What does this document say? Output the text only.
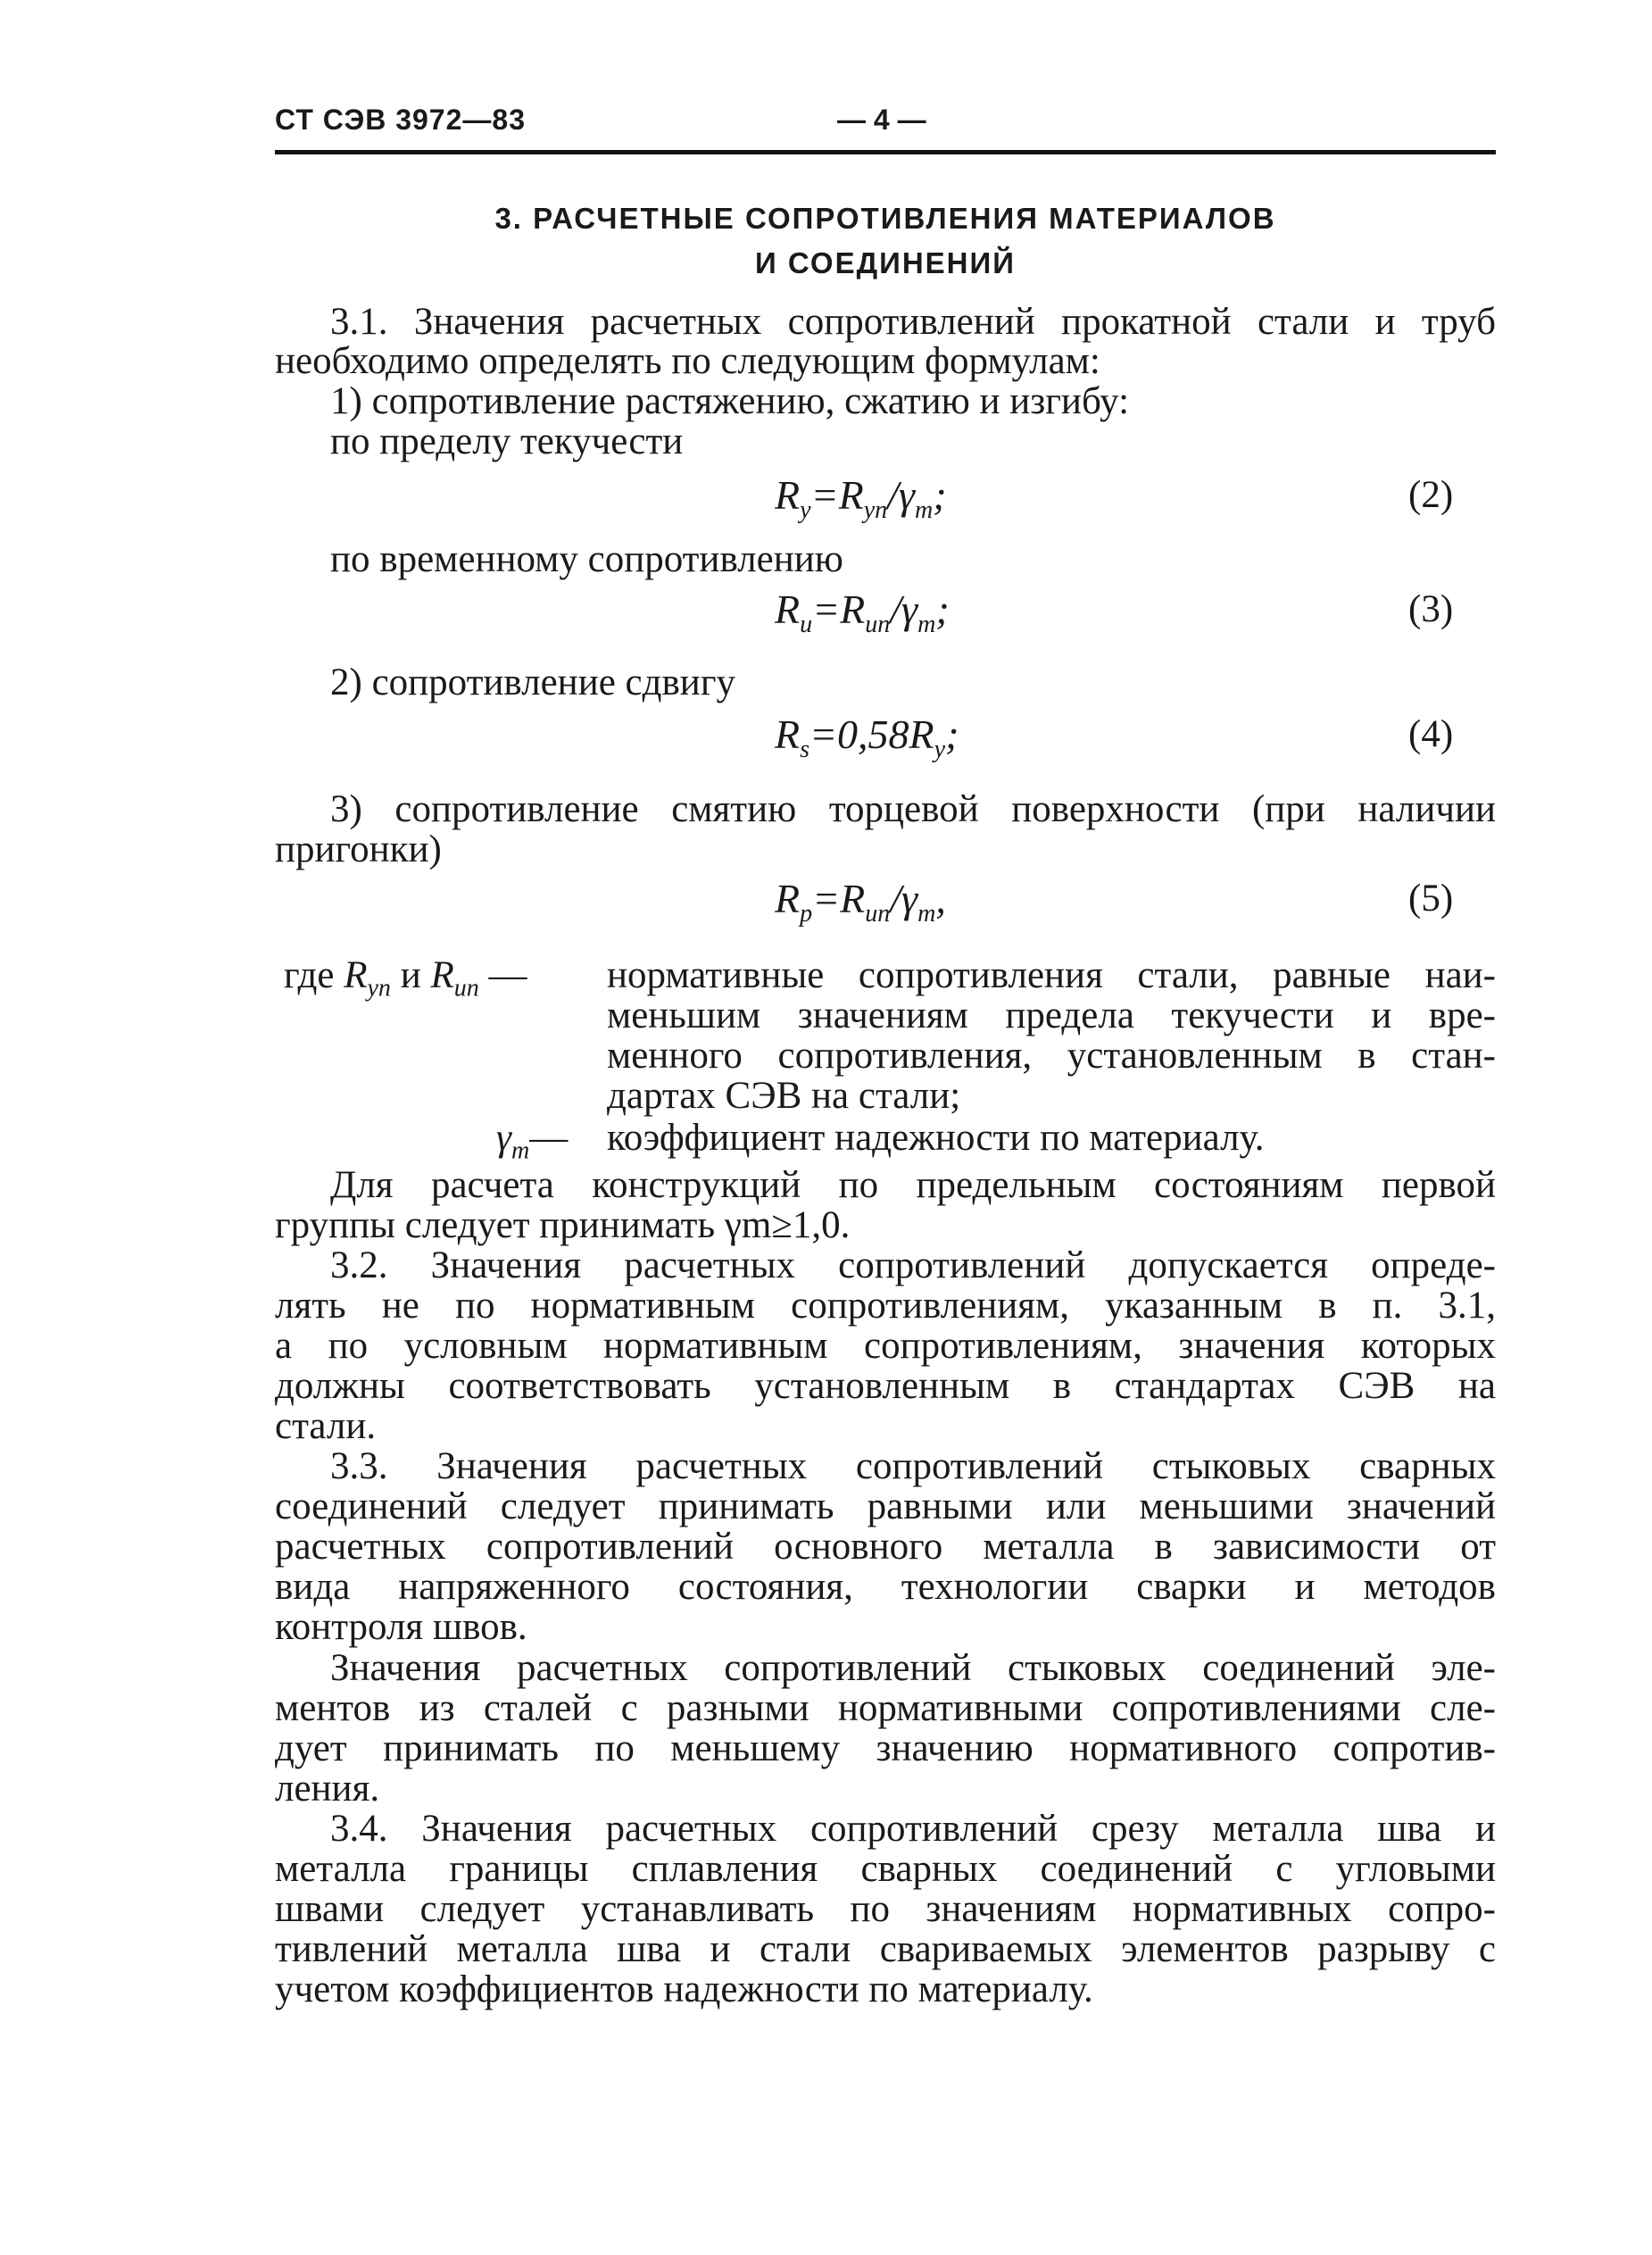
СТ СЭВ 3972—83	— 4 —
3. РАСЧЕТНЫЕ СОПРОТИВЛЕНИЯ МАТЕРИАЛОВ
И СОЕДИНЕНИЙ
3.1. Значения расчетных сопротивлений прокатной стали и труб
необходимо определять по следующим формулам:
1) сопротивление растяжению, сжатию и изгибу:
по пределу текучести
$R_y=R_{yn}/\gamma_m$;	(2)
по временному сопротивлению
$R_u=R_{un}/\gamma_m$;	(3)
2) сопротивление сдвигу
$R_s=0,58R_y$;	(4)
3) сопротивление смятию торцевой поверхности (при наличии
пригонки)
$R_p=R_{un}/\gamma_m$,	(5)
где $R_{yn}$ и $R_{un}$ — нормативные сопротивления стали, равные наи-
меньшим значениям предела текучести и вре-
менного сопротивления, установленным в стан-
дартах СЭВ на стали;
$\gamma_m—$ коэффициент надежности по материалу.
Для расчета конструкций по предельным состояниям первой
группы следует принимать γm≥1,0.
3.2. Значения расчетных сопротивлений допускается опреде-
лять не по нормативным сопротивлениям, указанным в п. 3.1,
а по условным нормативным сопротивлениям, значения которых
должны соответствовать установленным в стандартах СЭВ на
стали.
3.3. Значения расчетных сопротивлений стыковых сварных
соединений следует принимать равными или меньшими значений
расчетных сопротивлений основного металла в зависимости от
вида напряженного состояния, технологии сварки и методов
контроля швов.
Значения расчетных сопротивлений стыковых соединений эле-
ментов из сталей с разными нормативными сопротивлениями сле-
дует принимать по меньшему значению нормативного сопротив-
ления.
3.4. Значения расчетных сопротивлений срезу металла шва и
металла границы сплавления сварных соединений с угловыми
швами следует устанавливать по значениям нормативных сопро-
тивлений металла шва и стали свариваемых элементов разрыву с
учетом коэффициентов надежности по материалу.
